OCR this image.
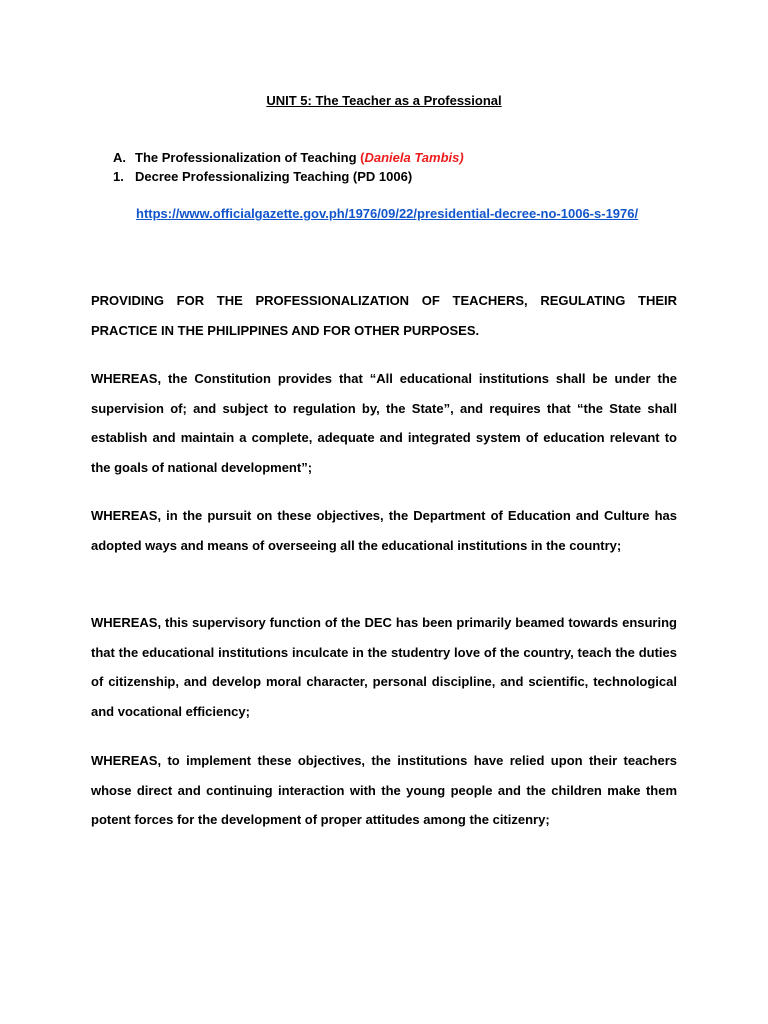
UNIT 5: The Teacher as a Professional
A. The Professionalization of Teaching (Daniela Tambis)
1. Decree Professionalizing Teaching (PD 1006)
https://www.officialgazette.gov.ph/1976/09/22/presidential-decree-no-1006-s-1976/

PROVIDING FOR THE PROFESSIONALIZATION OF TEACHERS, REGULATING THEIR PRACTICE IN THE PHILIPPINES AND FOR OTHER PURPOSES.

WHEREAS, the Constitution provides that “All educational institutions shall be under the supervision of; and subject to regulation by, the State”, and requires that “the State shall establish and maintain a complete, adequate and integrated system of education relevant to the goals of national development”;

WHEREAS, in the pursuit on these objectives, the Department of Education and Culture has adopted ways and means of overseeing all the educational institutions in the country;

WHEREAS, this supervisory function of the DEC has been primarily beamed towards ensuring that the educational institutions inculcate in the studentry love of the country, teach the duties of citizenship, and develop moral character, personal discipline, and scientific, technological and vocational efficiency;

WHEREAS, to implement these objectives, the institutions have relied upon their teachers whose direct and continuing interaction with the young people and the children make them potent forces for the development of proper attitudes among the citizenry;
